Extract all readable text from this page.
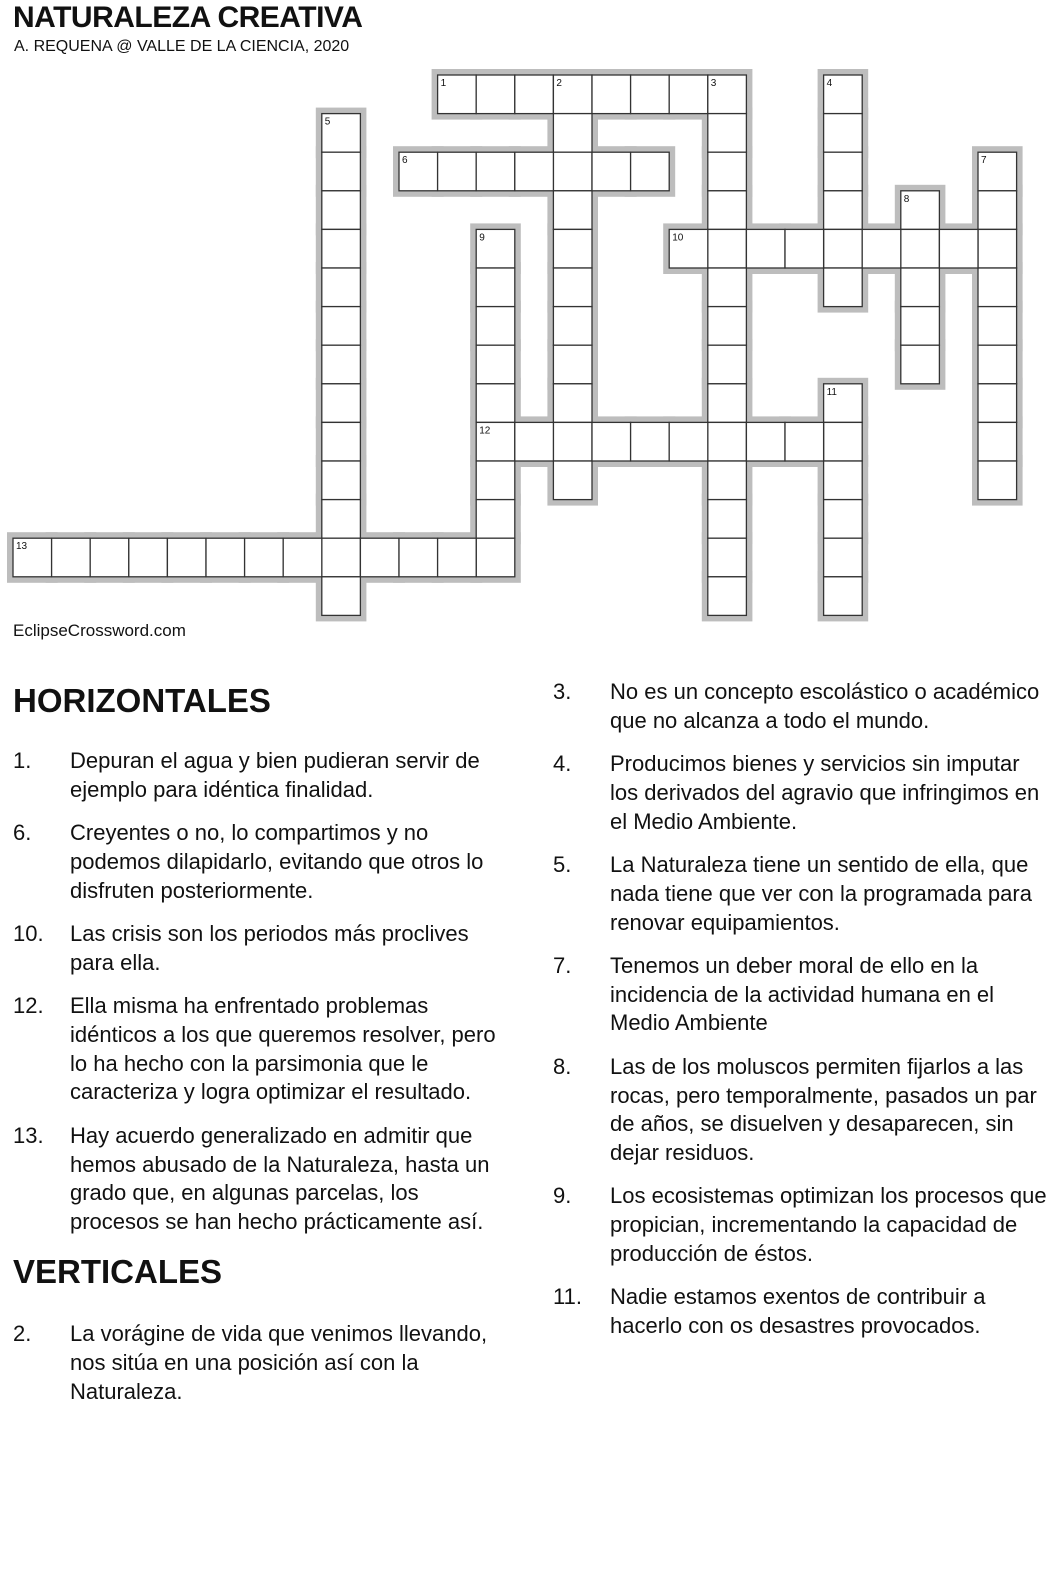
NATURALEZA CREATIVA
A. REQUENA @ VALLE DE LA CIENCIA, 2020
1	2	3	4
5
6	7
8
9	10
11
12
13
EclipseCrossword.com
HORIZONTALES
1.	Depuran el agua y bien pudieran servir de ejemplo para idéntica finalidad.
6.	Creyentes o no, lo compartimos y no podemos dilapidarlo, evitando que otros lo disfruten posteriormente.
10.	Las crisis son los periodos más proclives para ella.
12.	Ella misma ha enfrentado problemas idénticos a los que queremos resolver, pero lo ha hecho con la parsimonia que le caracteriza y logra optimizar el resultado.
13.	Hay acuerdo generalizado en admitir que hemos abusado de la Naturaleza, hasta un grado que, en algunas parcelas, los procesos se han hecho prácticamente así.
VERTICALES
2.	La vorágine de vida que venimos llevando, nos sitúa en una posición así con la Naturaleza.
3.	No es un concepto escolástico o académico que no alcanza a todo el mundo.
4.	Producimos bienes y servicios sin imputar los derivados del agravio que infringimos en el Medio Ambiente.
5.	La Naturaleza tiene un sentido de ella, que nada tiene que ver con la programada para renovar equipamientos.
7.	Tenemos un deber moral de ello en la incidencia de la actividad humana en el Medio Ambiente
8.	Las de los moluscos permiten fijarlos a las rocas, pero temporalmente, pasados un par de años, se disuelven y desaparecen, sin dejar residuos.
9.	Los ecosistemas optimizan los procesos que propician, incrementando la capacidad de producción de éstos.
11.	Nadie estamos exentos de contribuir a hacerlo con os desastres provocados.
